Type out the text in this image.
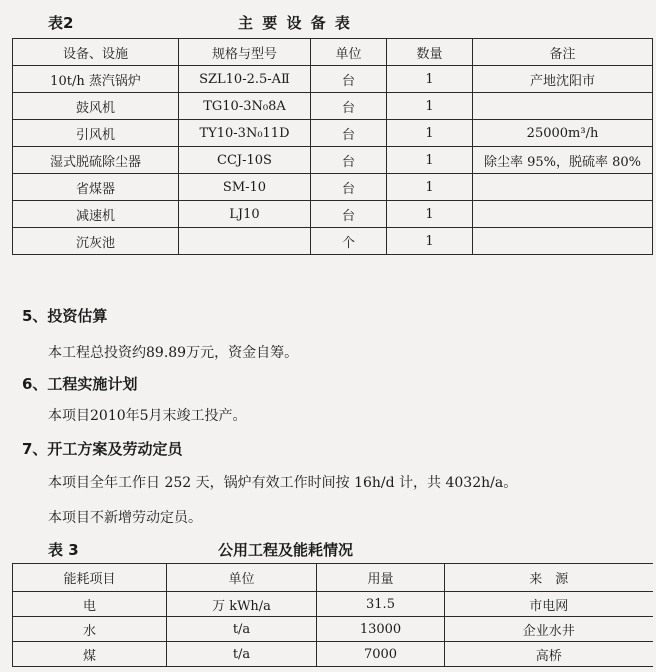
表2	主 要 设 备 表
设备、设施	规格与型号	单位	数量	备注
10t/h 蒸汽锅炉	SZL10-2.5-AⅡ	台	1	产地沈阳市
鼓风机	TG10-3N₀8A	台	1	
引风机	TY10-3N₀11D	台	1	25000m³/h
湿式脱硫除尘器	CCJ-10S	台	1	除尘率 95%，脱硫率 80%
省煤器	SM-10	台	1	
减速机	LJ10	台	1	
沉灰池		个	1	
5、投资估算
本工程总投资约89.89万元，资金自筹。
6、工程实施计划
本项目2010年5月末竣工投产。
7、开工方案及劳动定员
本项目全年工作日 252 天，锅炉有效工作时间按 16h/d 计，共 4032h/a。
本项目不新增劳动定员。
表 3	公用工程及能耗情况
能耗项目	单位	用量	来　源
电	万 kWh/a	31.5	市电网
水	t/a	13000	企业水井
煤	t/a	7000	高桥
